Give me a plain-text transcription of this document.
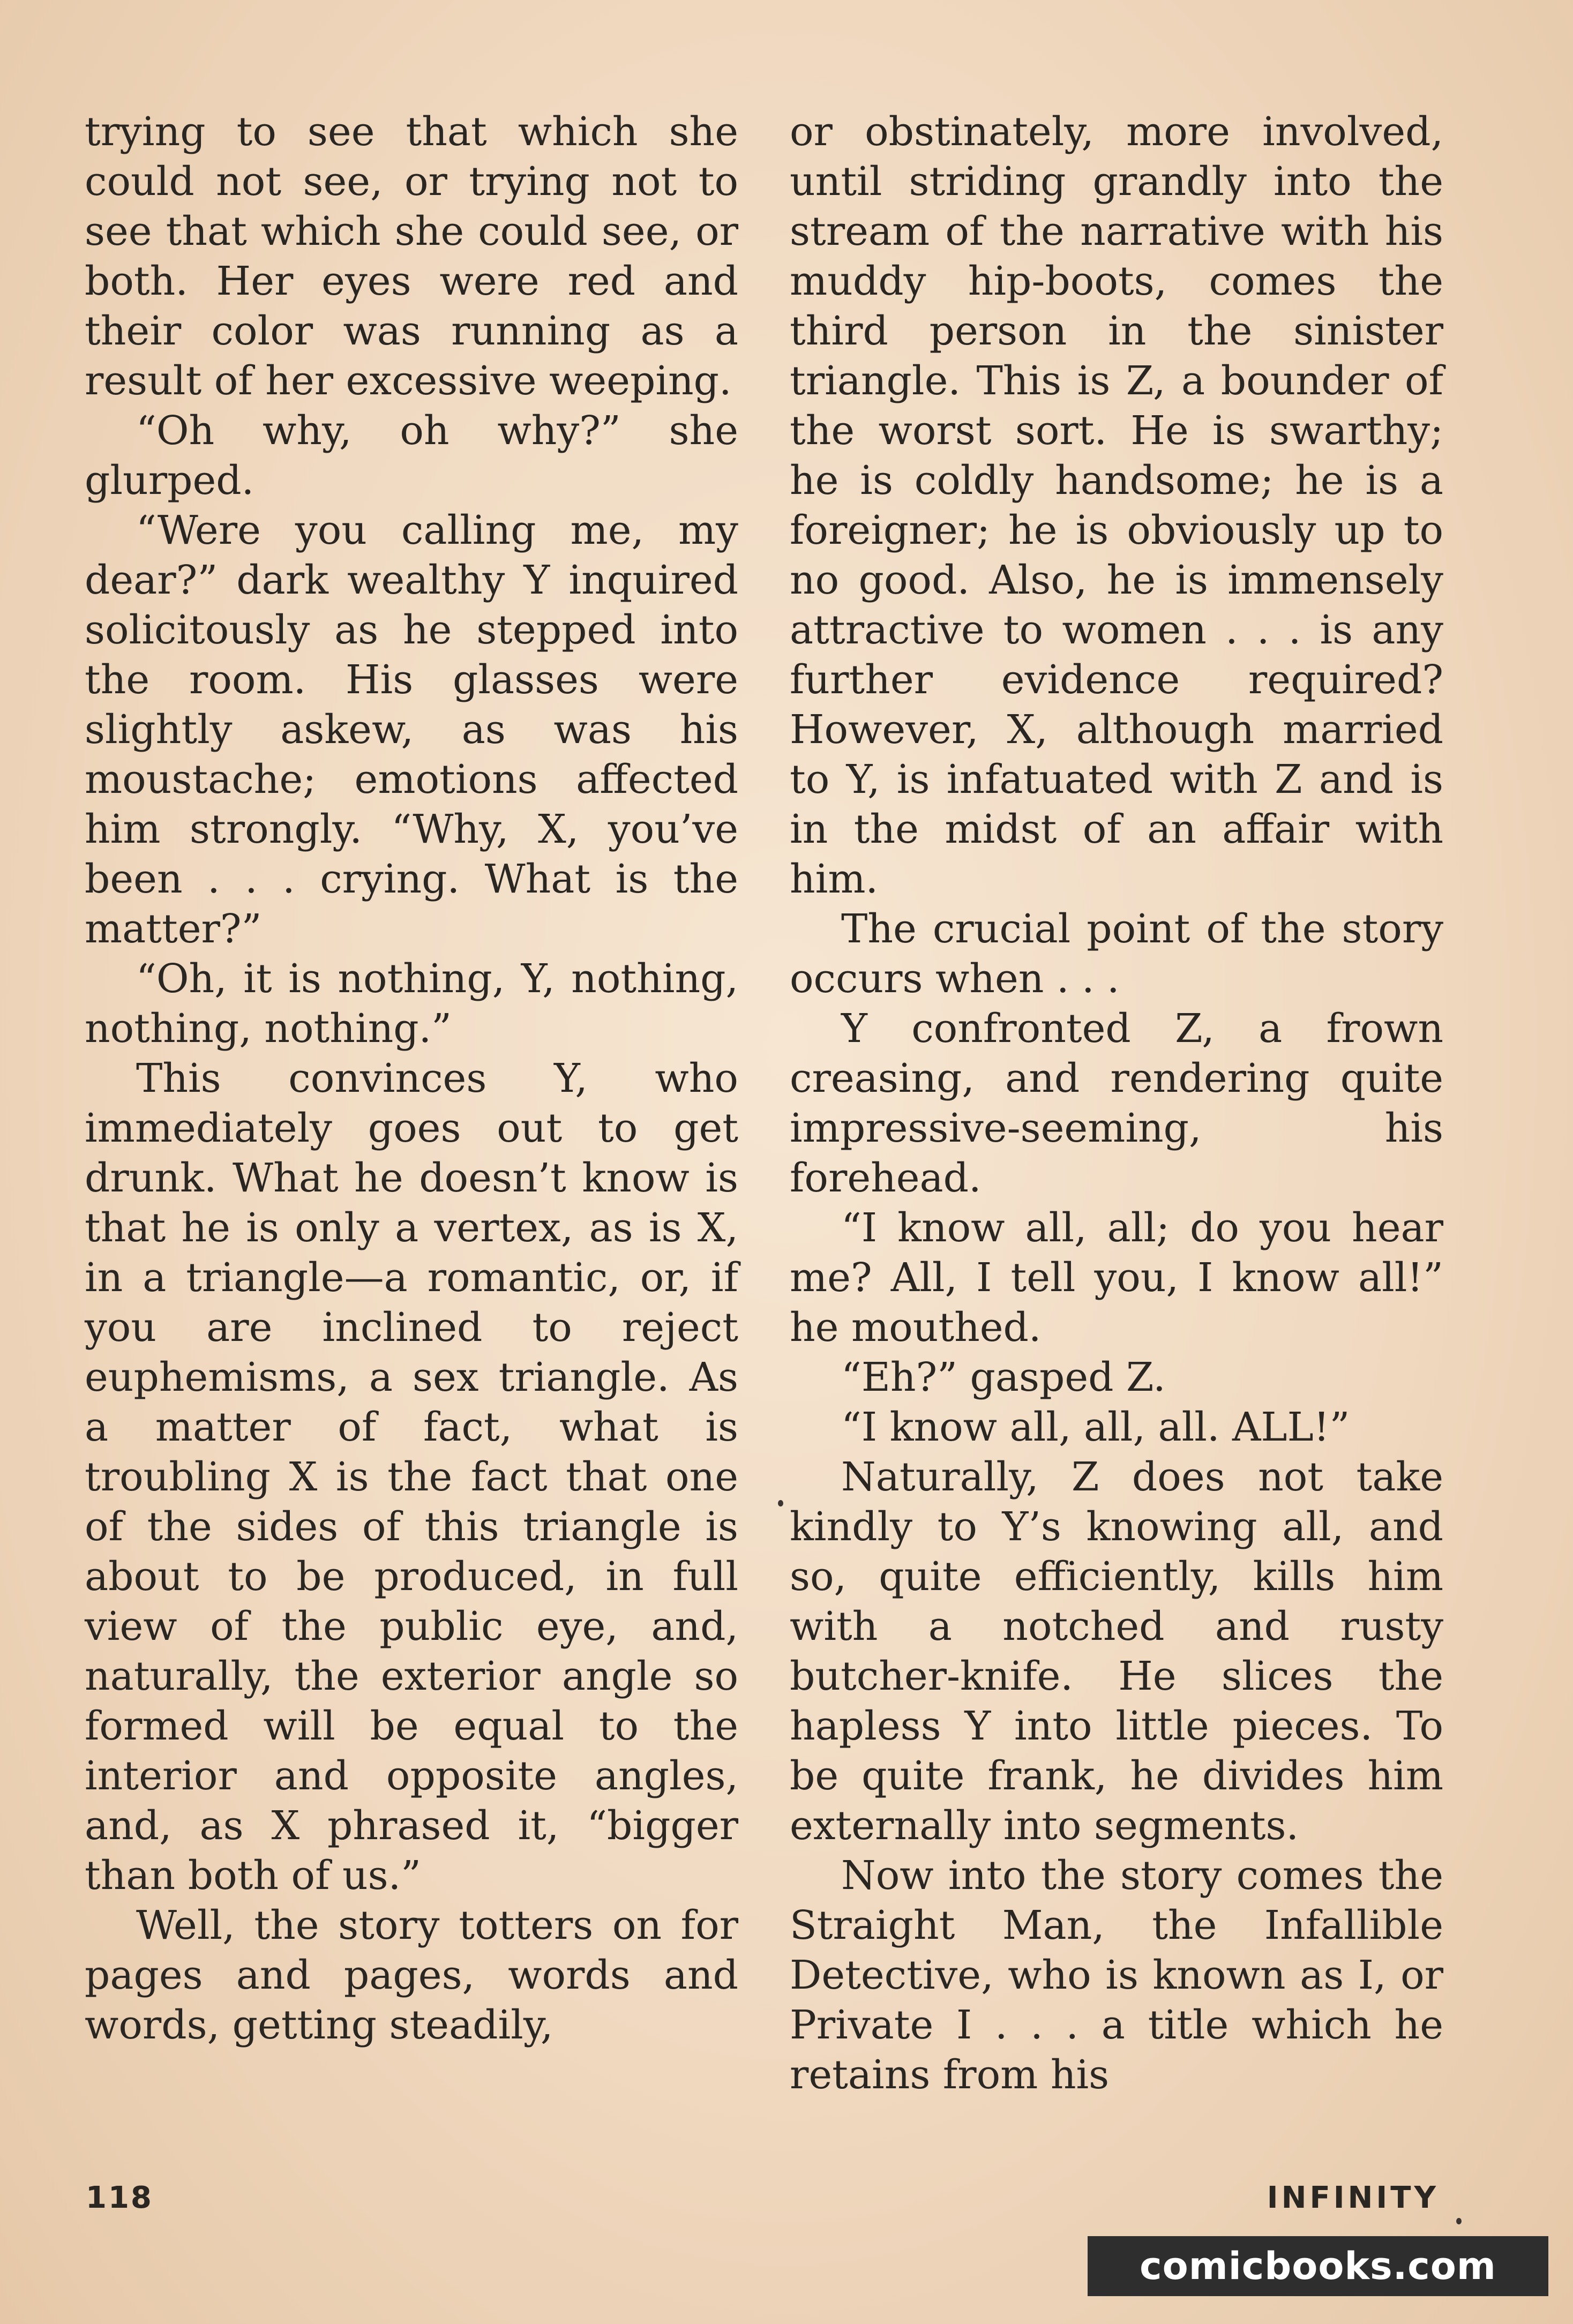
trying to see that which she could not see, or trying not to see that which she could see, or both. Her eyes were red and their color was running as a result of her excessive weeping.

“Oh why, oh why?” she glurped.

“Were you calling me, my dear?” dark wealthy Y inquired solicitously as he stepped into the room. His glasses were slightly askew, as was his moustache; emotions affected him strongly. “Why, X, you’ve been . . . crying. What is the matter?”

“Oh, it is nothing, Y, nothing, nothing, nothing.”

This convinces Y, who immediately goes out to get drunk. What he doesn’t know is that he is only a vertex, as is X, in a triangle—a romantic, or, if you are inclined to reject euphemisms, a sex triangle. As a matter of fact, what is troubling X is the fact that one of the sides of this triangle is about to be produced, in full view of the public eye, and, naturally, the exterior angle so formed will be equal to the interior and opposite angles, and, as X phrased it, “bigger than both of us.”

Well, the story totters on for pages and pages, words and words, getting steadily,

or obstinately, more involved, until striding grandly into the stream of the narrative with his muddy hip-boots, comes the third person in the sinister triangle. This is Z, a bounder of the worst sort. He is swarthy; he is coldly handsome; he is a foreigner; he is obviously up to no good. Also, he is immensely attractive to women . . . is any further evidence required? However, X, although married to Y, is infatuated with Z and is in the midst of an affair with him.

The crucial point of the story occurs when . . .

Y confronted Z, a frown creasing, and rendering quite impressive-seeming, his forehead.

“I know all, all; do you hear me? All, I tell you, I know all!” he mouthed.

“Eh?” gasped Z.

“I know all, all, all. ALL!”

Naturally, Z does not take kindly to Y’s knowing all, and so, quite efficiently, kills him with a notched and rusty butcher-knife. He slices the hapless Y into little pieces. To be quite frank, he divides him externally into segments.

Now into the story comes the Straight Man, the Infallible Detective, who is known as I, or Private I . . . a title which he retains from his

118	INFINITY
comicbooks.com
